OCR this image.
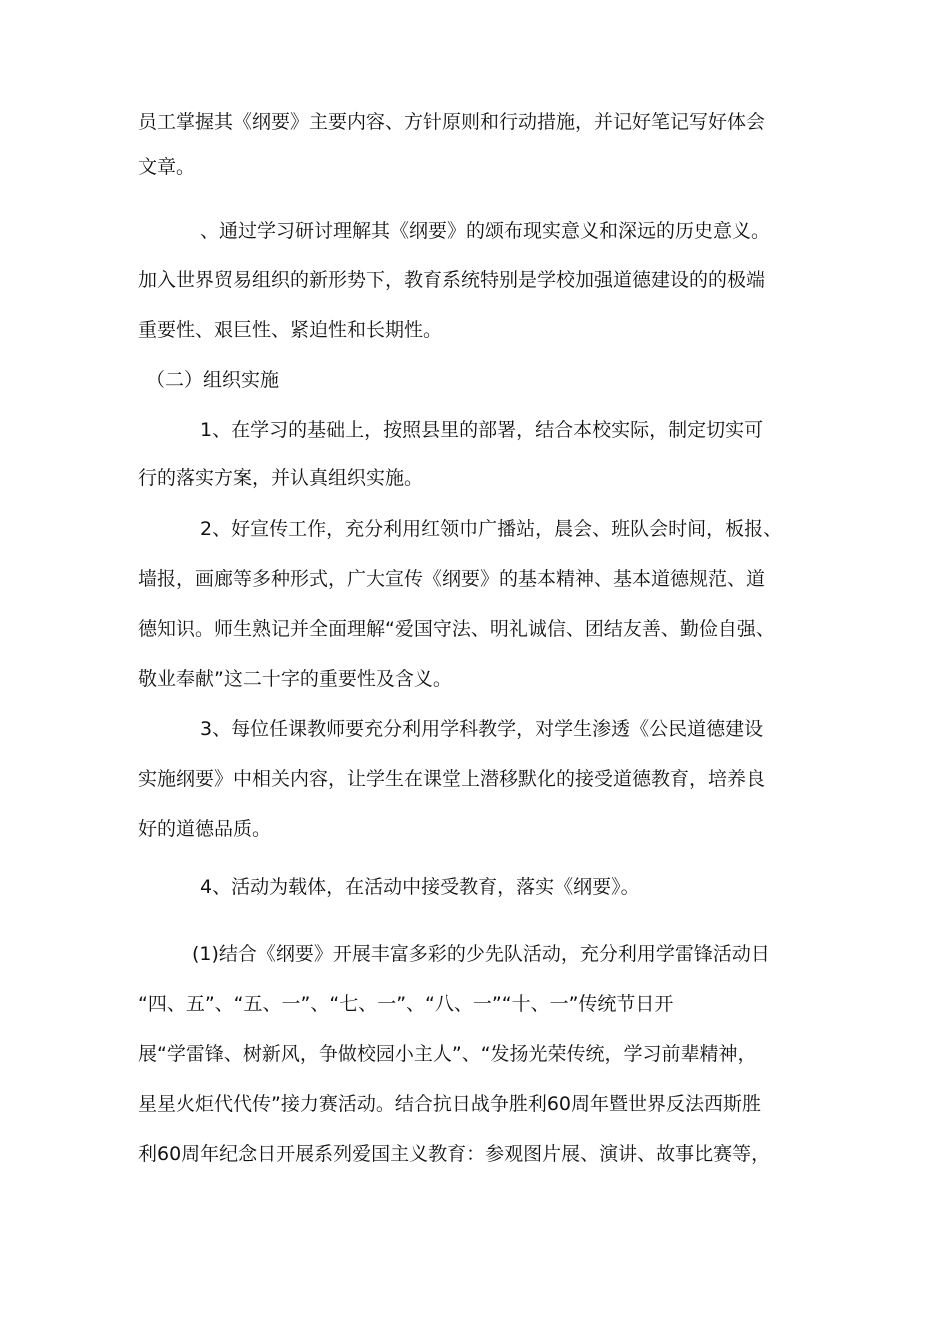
员工掌握其《纲要》主要内容、方针原则和行动措施，并记好笔记写好体会
文章。
、通过学习研讨理解其《纲要》的颂布现实意义和深远的历史意义。
加入世界贸易组织的新形势下，教育系统特别是学校加强道德建设的的极端
重要性、艰巨性、紧迫性和长期性。
（二）组织实施
1、在学习的基础上，按照县里的部署，结合本校实际，制定切实可
行的落实方案，并认真组织实施。
2、好宣传工作，充分利用红领巾广播站，晨会、班队会时间，板报、
墙报，画廊等多种形式，广大宣传《纲要》的基本精神、基本道德规范、道
德知识。师生熟记并全面理解“爱国守法、明礼诚信、团结友善、勤俭自强、
敬业奉献”这二十字的重要性及含义。
3、每位任课教师要充分利用学科教学，对学生渗透《公民道德建设
实施纲要》中相关内容，让学生在课堂上潜移默化的接受道德教育，培养良
好的道德品质。
4、活动为载体，在活动中接受教育，落实《纲要》。
(1)结合《纲要》开展丰富多彩的少先队活动，充分利用学雷锋活动日
“四、五”、“五、一”、“七、一”、“八、一”“十、一”传统节日开
展“学雷锋、树新风，争做校园小主人”、“发扬光荣传统，学习前辈精神，
星星火炬代代传”接力赛活动。结合抗日战争胜利60周年暨世界反法西斯胜
利60周年纪念日开展系列爱国主义教育：参观图片展、演讲、故事比赛等，
